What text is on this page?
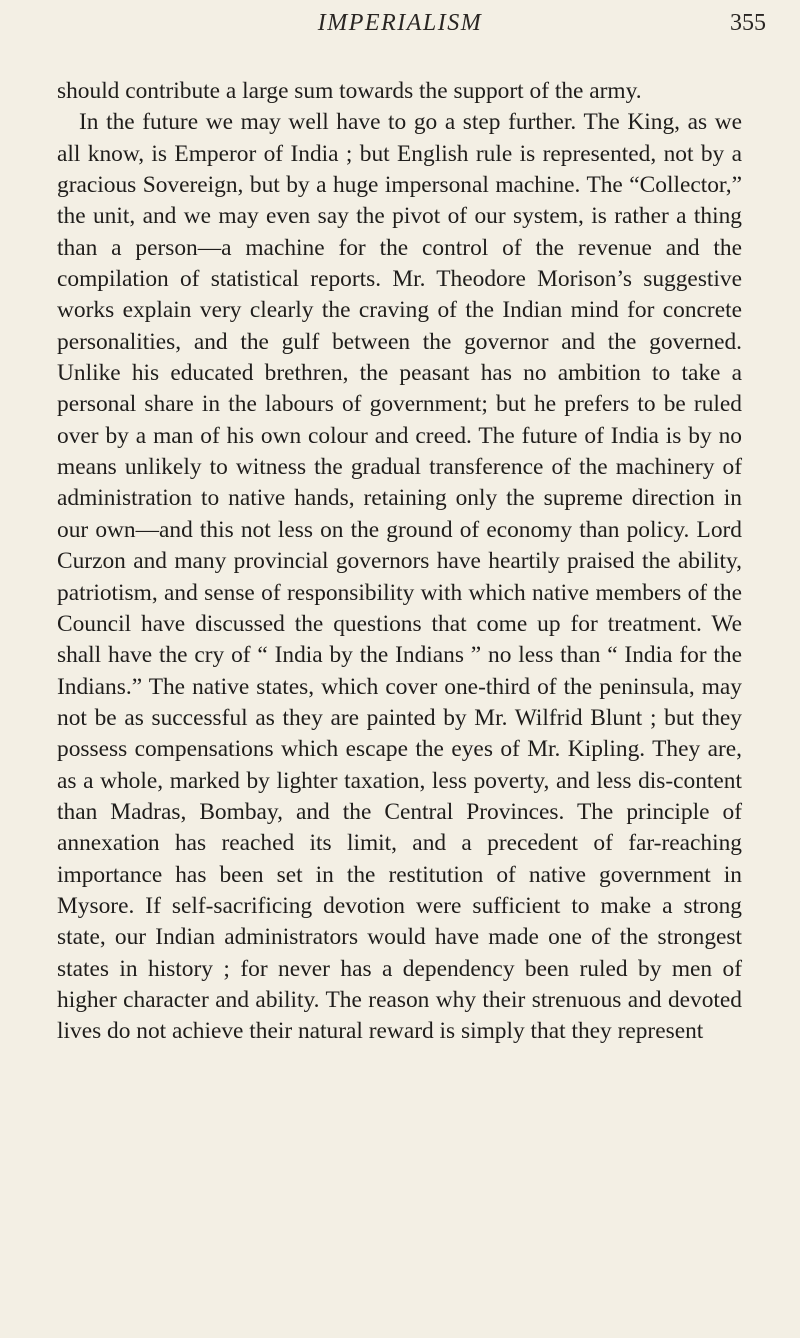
IMPERIALISM	355

should contribute a large sum towards the support of the army.

In the future we may well have to go a step further. The King, as we all know, is Emperor of India ; but English rule is represented, not by a gracious Sovereign, but by a huge impersonal machine. The “Collector,” the unit, and we may even say the pivot of our system, is rather a thing than a person—a machine for the control of the revenue and the compilation of statistical reports. Mr. Theodore Morison’s suggestive works explain very clearly the craving of the Indian mind for concrete personalities, and the gulf between the governor and the governed. Unlike his educated brethren, the peasant has no ambition to take a personal share in the labours of government; but he prefers to be ruled over by a man of his own colour and creed. The future of India is by no means unlikely to witness the gradual transference of the machinery of administration to native hands, retaining only the supreme direction in our own—and this not less on the ground of economy than policy. Lord Curzon and many provincial governors have heartily praised the ability, patriotism, and sense of responsibility with which native members of the Council have discussed the questions that come up for treatment. We shall have the cry of “ India by the Indians ” no less than “ India for the Indians.” The native states, which cover one-third of the peninsula, may not be as successful as they are painted by Mr. Wilfrid Blunt ; but they possess compensations which escape the eyes of Mr. Kipling. They are, as a whole, marked by lighter taxation, less poverty, and less dis-content than Madras, Bombay, and the Central Provinces. The principle of annexation has reached its limit, and a precedent of far-reaching importance has been set in the restitution of native government in Mysore. If self-sacrificing devotion were sufficient to make a strong state, our Indian administrators would have made one of the strongest states in history ; for never has a dependency been ruled by men of higher character and ability. The reason why their strenuous and devoted lives do not achieve their natural reward is simply that they represent
